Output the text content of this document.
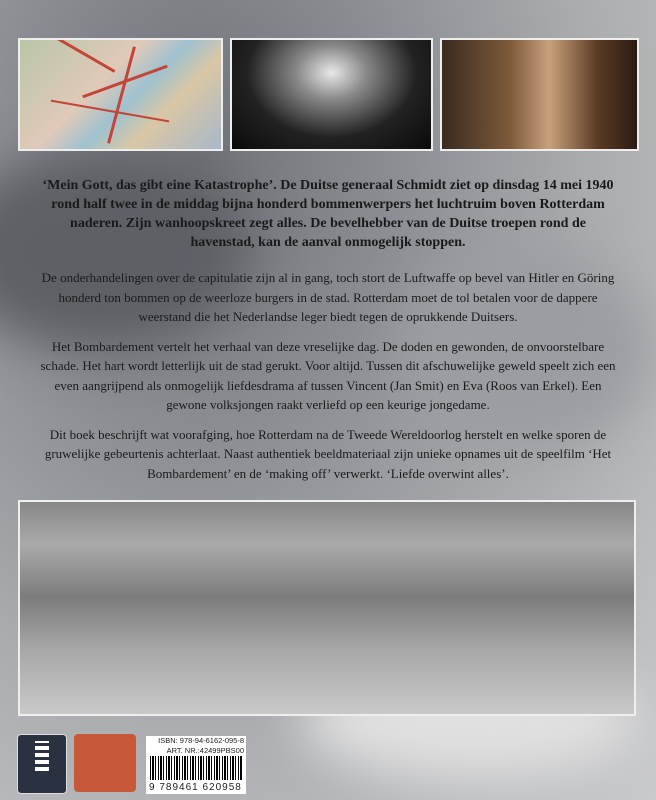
‘Mein Gott, das gibt eine Katastrophe’. De Duitse generaal Schmidt ziet op dinsdag 14 mei 1940 rond half twee in de middag bijna honderd bommenwerpers het luchtruim boven Rotterdam naderen. Zijn wanhoopskreet zegt alles. De bevelhebber van de Duitse troepen rond de havenstad, kan de aanval onmogelijk stoppen.

De onderhandelingen over de capitulatie zijn al in gang, toch stort de Luftwaffe op bevel van Hitler en Göring honderd ton bommen op de weerloze burgers in de stad. Rotterdam moet de tol betalen voor de dappere weerstand die het Nederlandse leger biedt tegen de oprukkende Duitsers.

Het Bombardement vertelt het verhaal van deze vreselijke dag. De doden en gewonden, de onvoorstelbare schade. Het hart wordt letterlijk uit de stad gerukt. Voor altijd. Tussen dit afschuwelijke geweld speelt zich een even aangrijpend als onmogelijk liefdesdrama af tussen Vincent (Jan Smit) en Eva (Roos van Erkel). Een gewone volksjongen raakt verliefd op een keurige jongedame.

Dit boek beschrijft wat voorafging, hoe Rotterdam na de Tweede Wereldoorlog herstelt en welke sporen de gruwelijke gebeurtenis achterlaat. Naast authentiek beeldmateriaal zijn unieke opnames uit de speelfilm ‘Het Bombardement’ en de ‘making off’ verwerkt. ‘Liefde overwint alles’.

ISBN: 978-94-6162-095-8
ART. NR.:42499PBS00
9 789461 620958
